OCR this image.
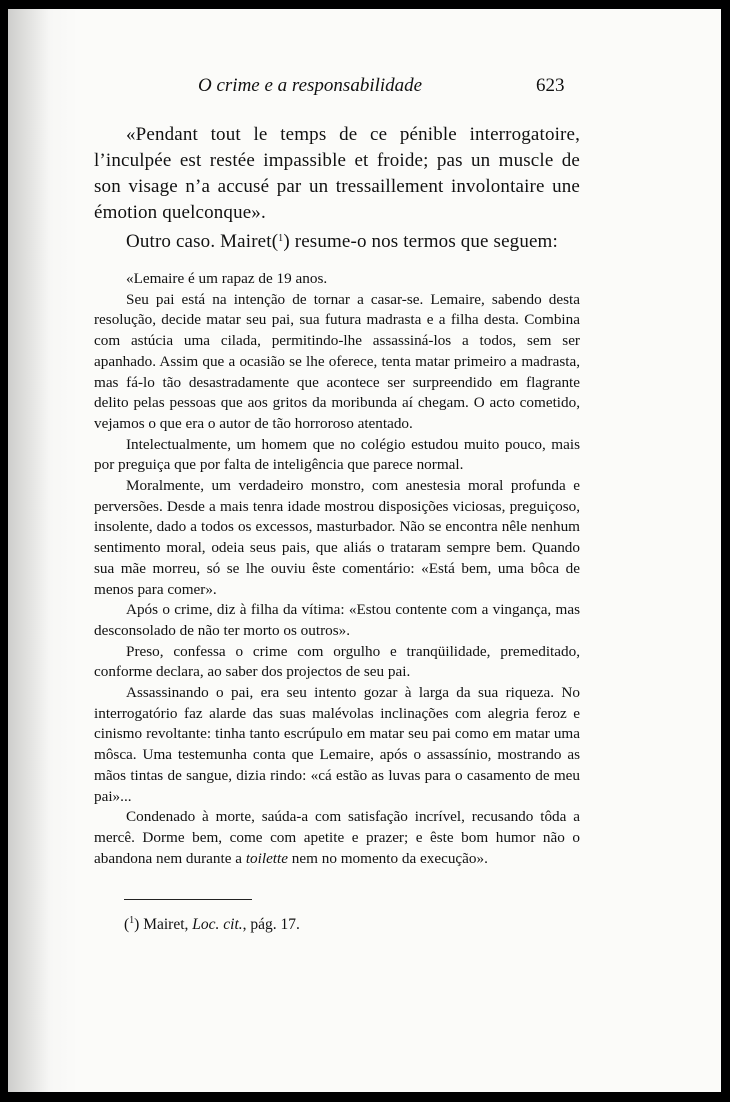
O crime e a responsabilidade	623

«Pendant tout le temps de ce pénible interrogatoire, l’inculpée est restée impassible et froide; pas un muscle de son visage n’a accusé par un tressaillement involontaire une émotion quelconque».

Outro caso. Mairet($^1$) resume-o nos termos que seguem:

«Lemaire é um rapaz de 19 anos.

Seu pai está na intenção de tornar a casar-se. Lemaire, sabendo desta resolução, decide matar seu pai, sua futura madrasta e a filha desta. Combina com astúcia uma cilada, permitindo-lhe assassiná-los a todos, sem ser apanhado. Assim que a ocasião se lhe oferece, tenta matar primeiro a madrasta, mas fá-lo tão desastradamente que acontece ser surpreendido em flagrante delito pelas pessoas que aos gritos da moribunda aí chegam. O acto cometido, vejamos o que era o autor de tão horroroso atentado.

Intelectualmente, um homem que no colégio estudou muito pouco, mais por preguiça que por falta de inteligência que parece normal.

Moralmente, um verdadeiro monstro, com anestesia moral profunda e perversões. Desde a mais tenra idade mostrou disposições viciosas, preguiçoso, insolente, dado a todos os excessos, masturbador. Não se encontra nêle nenhum sentimento moral, odeia seus pais, que aliás o trataram sempre bem. Quando sua mãe morreu, só se lhe ouviu êste comentário: «Está bem, uma bôca de menos para comer».

Após o crime, diz à filha da vítima: «Estou contente com a vingança, mas desconsolado de não ter morto os outros».

Preso, confessa o crime com orgulho e tranqüilidade, premeditado, conforme declara, ao saber dos projectos de seu pai.

Assassinando o pai, era seu intento gozar à larga da sua riqueza. No interrogatório faz alarde das suas malévolas inclinações com alegria feroz e cinismo revoltante: tinha tanto escrúpulo em matar seu pai como em matar uma môsca. Uma testemunha conta que Lemaire, após o assassínio, mostrando as mãos tintas de sangue, dizia rindo: «cá estão as luvas para o casamento de meu pai»...

Condenado à morte, saúda-a com satisfação incrível, recusando tôda a mercê. Dorme bem, come com apetite e prazer; e êste bom humor não o abandona nem durante a toilette nem no momento da execução».

($^1$) Mairet, Loc. cit., pág. 17.
